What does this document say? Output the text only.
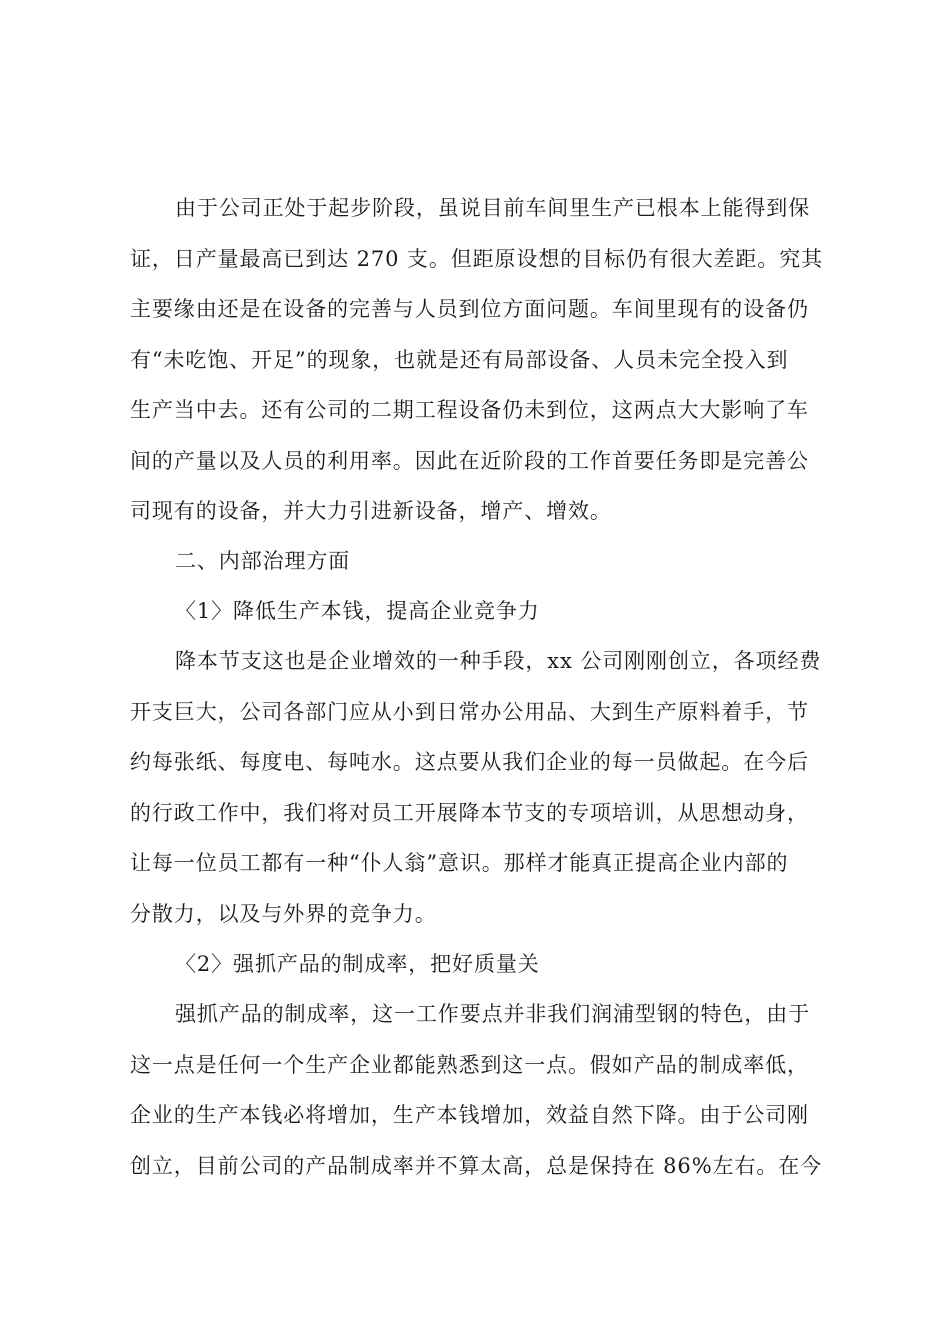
由于公司正处于起步阶段，虽说目前车间里生产已根本上能得到保
证，日产量最高已到达 270 支。但距原设想的目标仍有很大差距。究其
主要缘由还是在设备的完善与人员到位方面问题。车间里现有的设备仍
有“未吃饱、开足”的现象，也就是还有局部设备、人员未完全投入到
生产当中去。还有公司的二期工程设备仍未到位，这两点大大影响了车
间的产量以及人员的利用率。因此在近阶段的工作首要任务即是完善公
司现有的设备，并大力引进新设备，增产、增效。
二、内部治理方面
〈1〉降低生产本钱，提高企业竞争力
降本节支这也是企业增效的一种手段，xx 公司刚刚创立，各项经费
开支巨大，公司各部门应从小到日常办公用品、大到生产原料着手，节
约每张纸、每度电、每吨水。这点要从我们企业的每一员做起。在今后
的行政工作中，我们将对员工开展降本节支的专项培训，从思想动身，
让每一位员工都有一种“仆人翁”意识。那样才能真正提高企业内部的
分散力，以及与外界的竞争力。
〈2〉强抓产品的制成率，把好质量关
强抓产品的制成率，这一工作要点并非我们润浦型钢的特色，由于
这一点是任何一个生产企业都能熟悉到这一点。假如产品的制成率低，
企业的生产本钱必将增加，生产本钱增加，效益自然下降。由于公司刚
创立，目前公司的产品制成率并不算太高，总是保持在 86%左右。在今
